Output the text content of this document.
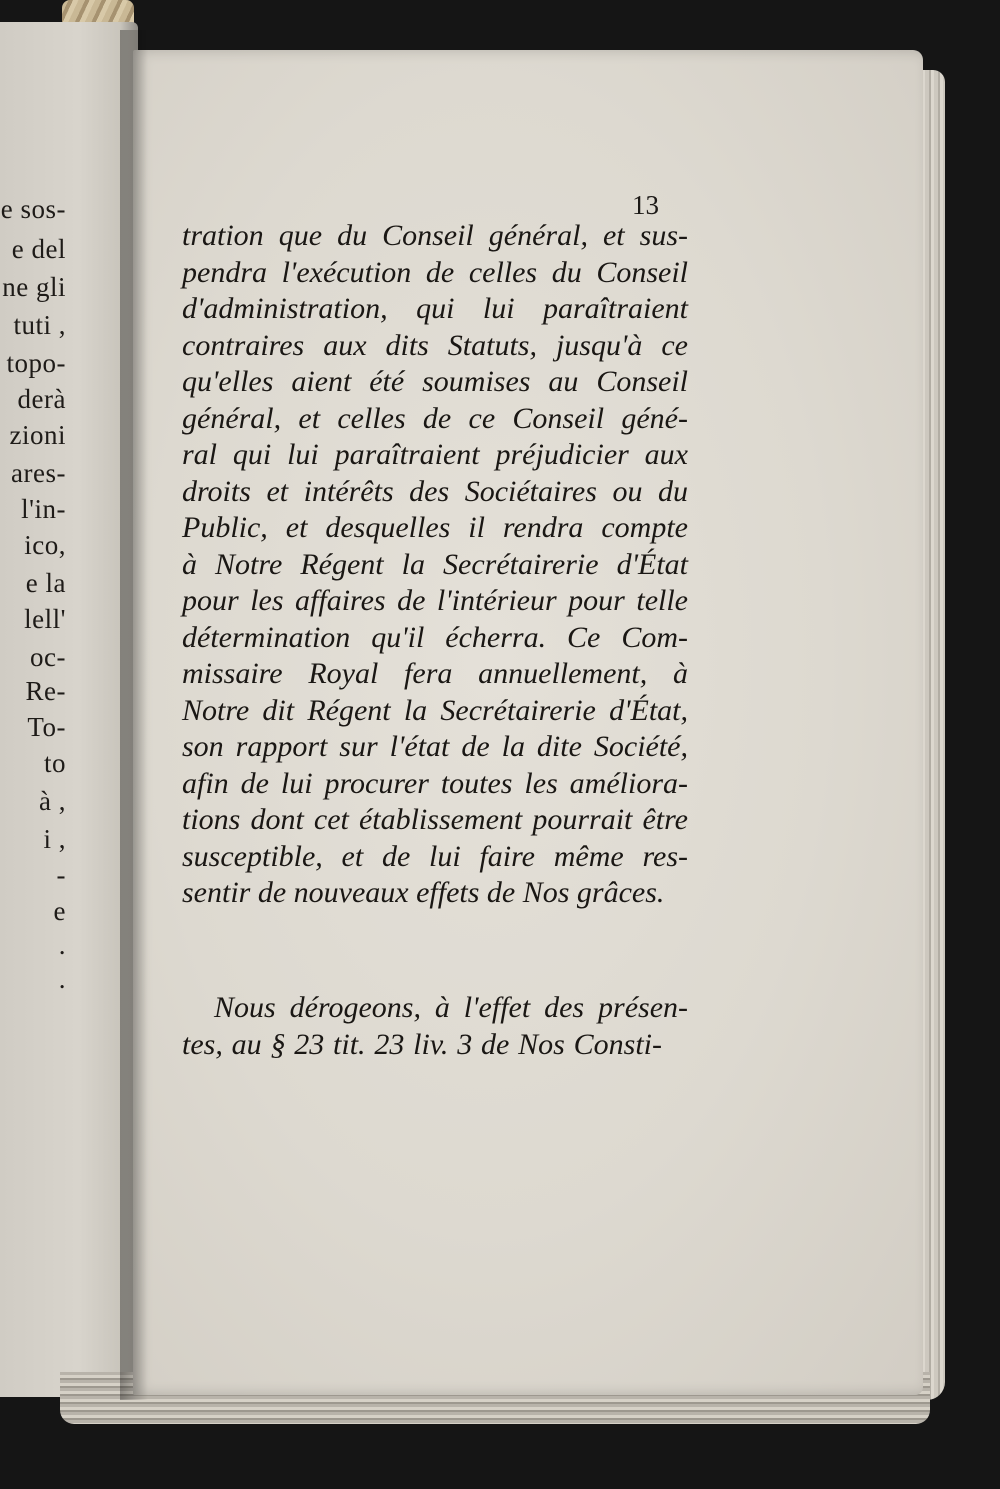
e sos-
e del
ne gli
tuti ,
topo-
derà
zioni
ares-
l'in-
ico,
e la
lell'
oc-
Re-
To-
to
à ,
i ,
-
e
.
.
13
tration que du Conseil général, et sus-
pendra l'exécution de celles du Conseil
d'administration, qui lui paraîtraient
contraires aux dits Statuts, jusqu'à ce
qu'elles aient été soumises au Conseil
général, et celles de ce Conseil géné-
ral qui lui paraîtraient préjudicier aux
droits et intérêts des Sociétaires ou du
Public, et desquelles il rendra compte
à Notre Régent la Secrétairerie d'État
pour les affaires de l'intérieur pour telle
détermination qu'il écherra. Ce Com-
missaire Royal fera annuellement, à
Notre dit Régent la Secrétairerie d'État,
son rapport sur l'état de la dite Société,
afin de lui procurer toutes les améliora-
tions dont cet établissement pourrait être
susceptible, et de lui faire même res-
sentir de nouveaux effets de Nos grâces.
Nous dérogeons, à l'effet des présen-
tes, au § 23 tit. 23 liv. 3 de Nos Consti-
